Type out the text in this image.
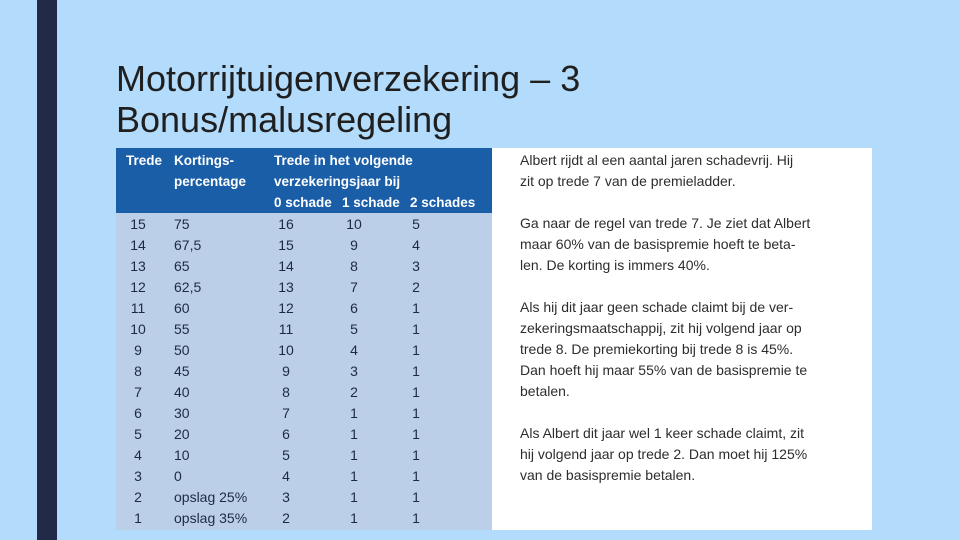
Motorrijtuigenverzekering – 3
Bonus/malusregeling
Trede Kortings-
percentage
Trede in het volgende
verzekeringsjaar bij
0 schade 1 schade 2 schades
15	75	16	10	5
14	67,5	15	9	4
13	65	14	8	3
12	62,5	13	7	2
11	60	12	6	1
10	55	11	5	1
9	50	10	4	1
8	45	9	3	1
7	40	8	2	1
6	30	7	1	1
5	20	6	1	1
4	10	5	1	1
3	0	4	1	1
2	opslag 25%	3	1	1
1	opslag 35%	2	1	1
Albert rijdt al een aantal jaren schadevrij. Hij
zit op trede 7 van de premieladder.
Ga naar de regel van trede 7. Je ziet dat Albert
maar 60% van de basispremie hoeft te beta-
len. De korting is immers 40%.
Als hij dit jaar geen schade claimt bij de ver-
zekeringsmaatschappij, zit hij volgend jaar op
trede 8. De premiekorting bij trede 8 is 45%.
Dan hoeft hij maar 55% van de basispremie te
betalen.
Als Albert dit jaar wel 1 keer schade claimt, zit
hij volgend jaar op trede 2. Dan moet hij 125%
van de basispremie betalen.
